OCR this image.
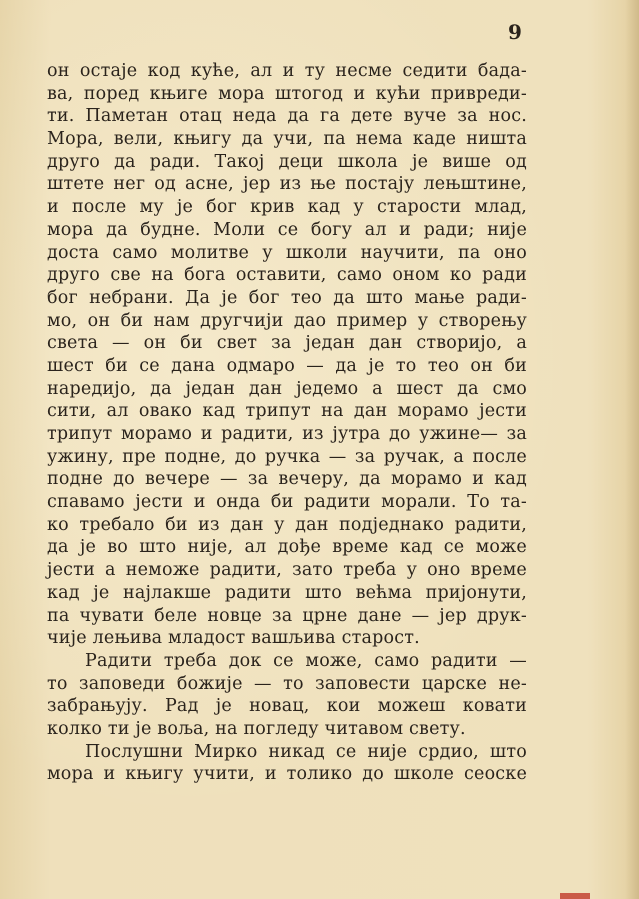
9
он остаје код куће, ал и ту несме седити бада-
ва, поред књиге мора штогод и кући привреди-
ти. Паметан отац неда да га дете вуче за нос.
Мора, вели, књигу да учи, па нема каде ништа
друго да ради. Такој деци школа је више од
штете нег од асне, јер из ње постају лењштине,
и после му је бог крив кад у старости млад,
мора да будне. Моли се богу ал и ради; није
доста само молитве у школи научити, па оно
друго све на бога оставити, само оном ко ради
бог небрани. Да је бог тео да што мање ради-
мо, он би нам другчији дао пример у створењу
света — он би свет за један дан створијо, а
шест би се дана одмаро — да је то тео он би
наредијо, да један дан једемо а шест да смо
сити, ал овако кад трипут на дан морамо јести
трипут морамо и радити, из јутра до ужине— за
ужину, пре подне, до ручка — за ручак, а после
подне до вечере — за вечеру, да морамо и кад
спавамо јести и онда би радити морали. То та-
ко требало би из дан у дан подједнако радити,
да је во што није, ал дође време кад се може
јести а неможе радити, зато треба у оно време
кад је најлакше радити што већма пријонути,
па чувати беле новце за црне дане — јер друк-
чије лењива младост вашљива старост.
Радити треба док се може, само радити —
то заповеди божије — то заповести царске не-
забрањују. Рад је новац, кои можеш ковати
колко ти је воља, на погледу читавом свету.
Послушни Мирко никад се није срдио, што
мора и књигу учити, и толико до школе сеоске
